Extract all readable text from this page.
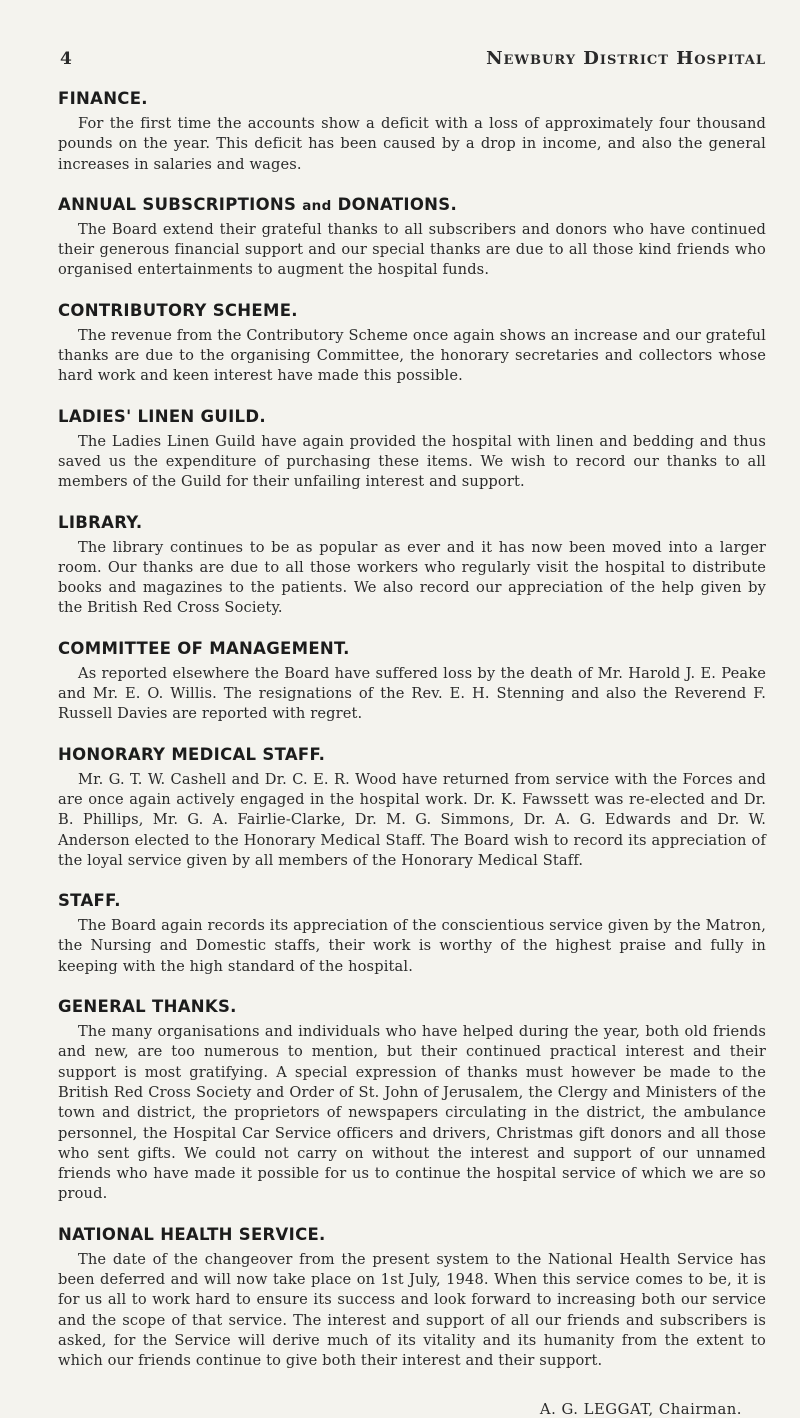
4	Newbury District Hospital
FINANCE.

For the first time the accounts show a deficit with a loss of approximately four thousand pounds on the year. This deficit has been caused by a drop in income, and also the general increases in salaries and wages.

ANNUAL SUBSCRIPTIONS and DONATIONS.

The Board extend their grateful thanks to all subscribers and donors who have continued their generous financial support and our special thanks are due to all those kind friends who organised entertainments to augment the hospital funds.

CONTRIBUTORY SCHEME.

The revenue from the Contributory Scheme once again shows an increase and our grateful thanks are due to the organising Committee, the honorary secretaries and collectors whose hard work and keen interest have made this possible.

LADIES' LINEN GUILD.

The Ladies Linen Guild have again provided the hospital with linen and bedding and thus saved us the expenditure of purchasing these items. We wish to record our thanks to all members of the Guild for their unfailing interest and support.

LIBRARY.

The library continues to be as popular as ever and it has now been moved into a larger room. Our thanks are due to all those workers who regularly visit the hospital to distribute books and magazines to the patients. We also record our appreciation of the help given by the British Red Cross Society.

COMMITTEE OF MANAGEMENT.

As reported elsewhere the Board have suffered loss by the death of Mr. Harold J. E. Peake and Mr. E. O. Willis. The resignations of the Rev. E. H. Stenning and also the Reverend F. Russell Davies are reported with regret.

HONORARY MEDICAL STAFF.

Mr. G. T. W. Cashell and Dr. C. E. R. Wood have returned from service with the Forces and are once again actively engaged in the hospital work. Dr. K. Fawssett was re-elected and Dr. B. Phillips, Mr. G. A. Fairlie-Clarke, Dr. M. G. Simmons, Dr. A. G. Edwards and Dr. W. Anderson elected to the Honorary Medical Staff. The Board wish to record its appreciation of the loyal service given by all members of the Honorary Medical Staff.

STAFF.

The Board again records its appreciation of the conscientious service given by the Matron, the Nursing and Domestic staffs, their work is worthy of the highest praise and fully in keeping with the high standard of the hospital.

GENERAL THANKS.

The many organisations and individuals who have helped during the year, both old friends and new, are too numerous to mention, but their continued practical interest and their support is most gratifying. A special expression of thanks must however be made to the British Red Cross Society and Order of St. John of Jerusalem, the Clergy and Ministers of the town and district, the proprietors of newspapers circulating in the district, the ambulance personnel, the Hospital Car Service officers and drivers, Christmas gift donors and all those who sent gifts. We could not carry on without the interest and support of our unnamed friends who have made it possible for us to continue the hospital service of which we are so proud.

NATIONAL HEALTH SERVICE.

The date of the changeover from the present system to the National Health Service has been deferred and will now take place on 1st July, 1948. When this service comes to be, it is for us all to work hard to ensure its success and look forward to increasing both our service and the scope of that service. The interest and support of all our friends and subscribers is asked, for the Service will derive much of its vitality and its humanity from the extent to which our friends continue to give both their interest and their support.

A. G. LEGGAT, Chairman.
